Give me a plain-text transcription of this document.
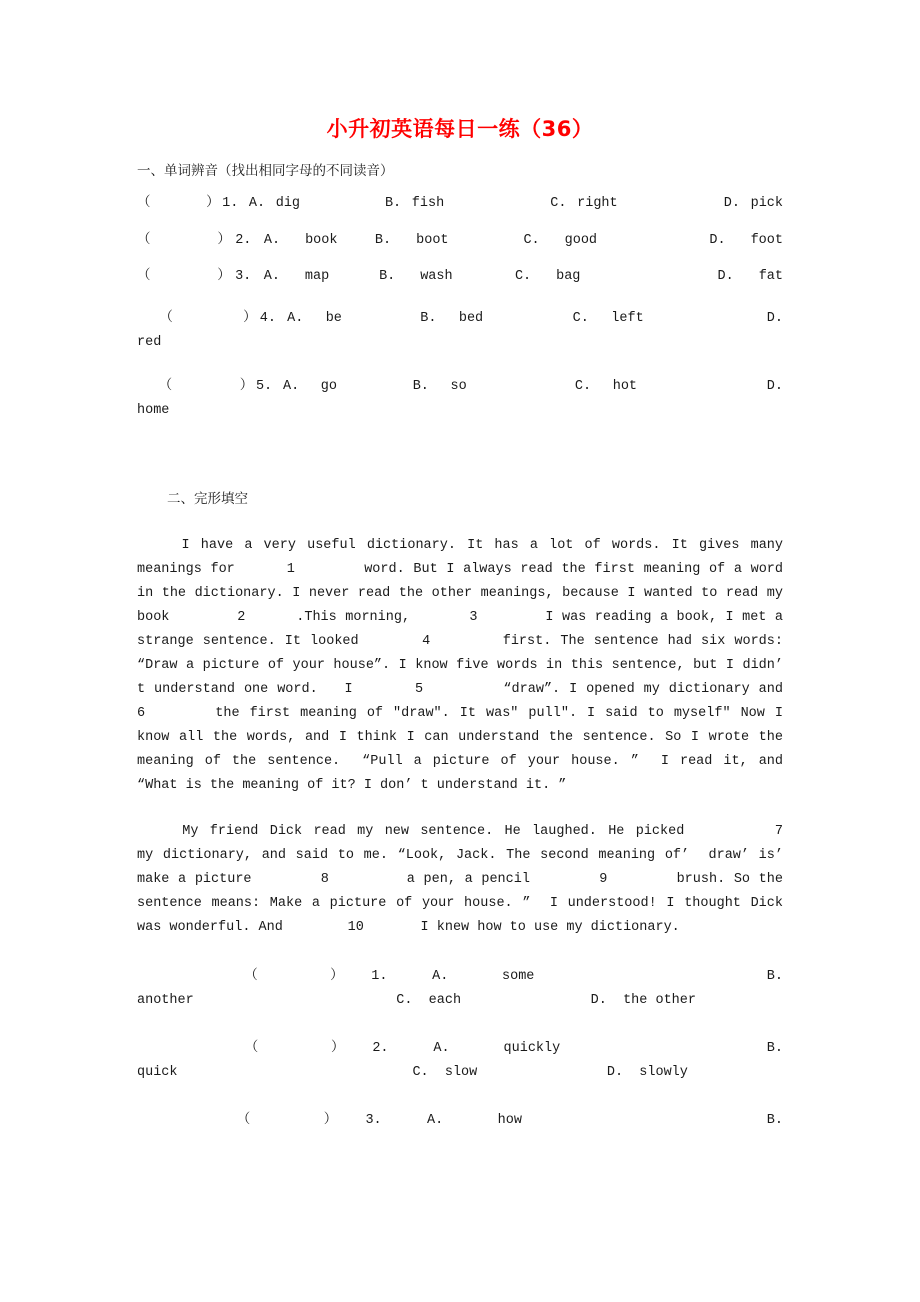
小升初英语每日一练（36）

一、单词辨音（找出相同字母的不同读音）

（     ）1. A. dig        B. fish          C. right          D. pick

（     ）2. A.  book   B.  boot      C.  good         D.  foot

（     ）3. A.  map    B.  wash     C.  bag           D.  fat

（      ）4. A.  be       B.  bed        C.  left           D.

red

（      ）5. A.  go       B.  so          C.  hot            D.

home

二、完形填空

I have a very useful dictionary. It has a lot of words. It gives many meanings for      1        word. But I always read the first meaning of a word in the dictionary. I never read the other meanings, because I wanted to read my book        2      .This morning,       3        I was reading a book, I met a strange sentence. It looked       4        first. The sentence had six words: “Draw a picture of your house”. I know five words in this sentence, but I didn’ t understand one word.   I       5         “draw”. I opened my dictionary and        6       the first meaning of ″draw″. It was″ pull″. I said to myself″ Now I know all the words, and I think I can understand the sentence. So I wrote the meaning of the sentence.  “Pull a picture of your house. ”  I read it, and  “What is the meaning of it? I don’ t understand it. ”

My friend Dick read my new sentence. He laughed. He picked        7        my dictionary, and said to me. “Look, Jack. The second meaning of’  draw’ is’  make a picture        8         a pen, a pencil        9        brush. So the sentence means: Make a picture of your house. ”  I understood! I thought Dick was wonderful. And        10       I knew how to use my dictionary.

（        ）   1.     A.      some                          B.

another                         C.  each                D.  the other

（        ）   2.     A.      quickly                       B.

quick                             C.  slow                D.  slowly

（        ）   3.     A.      how                           B.
